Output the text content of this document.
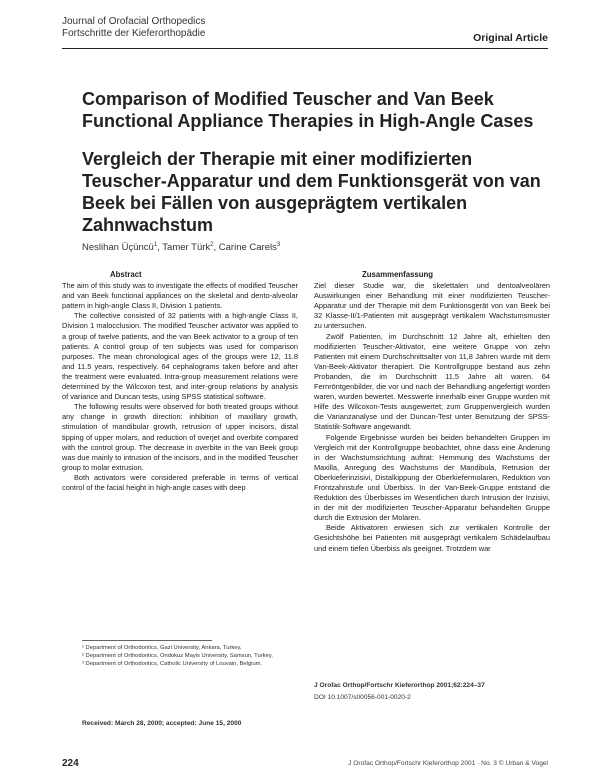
Journal of Orofacial Orthopedics
Fortschritte der Kieferorthopädie	Original Article
Comparison of Modified Teuscher and Van Beek Functional Appliance Therapies in High-Angle Cases
Vergleich der Therapie mit einer modifizierten Teuscher-Apparatur und dem Funktionsgerät von van Beek bei Fällen von ausgeprägtem vertikalen Zahnwachstum
Neslihan Üçüncü$^1$, Tamer Türk$^2$, Carine Carels$^3$
Abstract

The aim of this study was to investigate the effects of modified Teuscher and van Beek functional appliances on the skeletal and dento-alveolar pattern in high-angle Class II, Division 1 patients.

The collective consisted of 32 patients with a high-angle Class II, Division 1 malocclusion. The modified Teuscher activator was applied to a group of twelve patients, and the van Beek activator to a group of ten patients. A control group of ten subjects was used for comparison purposes. The mean chronological ages of the groups were 12, 11.8 and 11.5 years, respectively. 64 cephalograms taken before and after the treatment were evaluated. Intra-group measurement relations were determined by the Wilcoxon test, and inter-group relations by analysis of variance and Duncan tests, using SPSS statistical software.

The following results were observed for both treated groups without any change in growth direction: inhibition of maxillary growth, stimulation of mandibular growth, retrusion of upper incisors, distal tipping of upper molars, and reduction of overjet and overbite compared with the control group. The decrease in overbite in the van Beek group was due mainly to intrusion of the incisors, and in the modified Teuscher group to molar extrusion.

Both activators were considered preferable in terms of vertical control of the facial height in high-angle cases with deep

Zusammenfassung

Ziel dieser Studie war, die skelettalen und dentoalveolären Auswirkungen einer Behandlung mit einer modifizierten Teuscher-Apparatur und der Therapie mit dem Funktionsgerät von van Beek bei 32 Klasse-II/1-Patienten mit ausgeprägt vertikalem Wachstumsmuster zu untersuchen.

Zwölf Patienten, im Durchschnitt 12 Jahre alt, erhielten den modifizierten Teuscher-Aktivator, eine weitere Gruppe von zehn Patienten mit einem Durchschnittsalter von 11,8 Jahren wurde mit dem Van-Beek-Aktivator therapiert. Die Kontrollgruppe bestand aus zehn Probanden, die im Durchschnitt 11,5 Jahre alt waren. 64 Fernröntgenbilder, die vor und nach der Behandlung angefertigt worden waren, wurden bewertet. Messwerte innerhalb einer Gruppe wurden mit Hilfe des Wilcoxon-Tests ausgewertet; zum Gruppenvergleich wurden die Varianzanalyse und der Duncan-Test unter Benutzung der SPSS-Statistik-Software angewandt.

Folgende Ergebnisse wurden bei beiden behandelten Gruppen im Vergleich mit der Kontrollgruppe beobachtet, ohne dass eine Änderung in der Wachstumsrichtung auftrat: Hemmung des Wachstums der Maxilla, Anregung des Wachstums der Mandibula, Retrusion der Oberkieferinzisivi, Distalkippung der Oberkiefermolaren, Reduktion von Frontzahnstufe und Überbiss. In der Van-Beek-Gruppe entstand die Reduktion des Überbisses im Wesentlichen durch Intrusion der Inzisivi, in der mit der modifizierten Teuscher-Apparatur behandelten Gruppe durch die Extrusion der Molaren.

Beide Aktivatoren erwiesen sich zur vertikalen Kontrolle der Gesichtshöhe bei Patienten mit ausgeprägt vertikalem Schädelaufbau und einem tiefen Überbiss als geeignet. Trotzdem war

¹ Department of Orthodontics, Gazi University, Ankara, Turkey,
² Department of Orthodontics, Ondokuz Mayis University, Samsun, Turkey,
³ Department of Orthodontics, Catholic University of Louvain, Belgium.
Received: March 28, 2000; accepted: June 15, 2000
J Orofac Orthop/Fortschr Kieferorthop 2001;62:224–37
DOI 10.1007/s00056-001-0020-2
224	J Orofac Orthop/Fortschr Kieferorthop 2001 · No. 3 © Urban & Vogel
